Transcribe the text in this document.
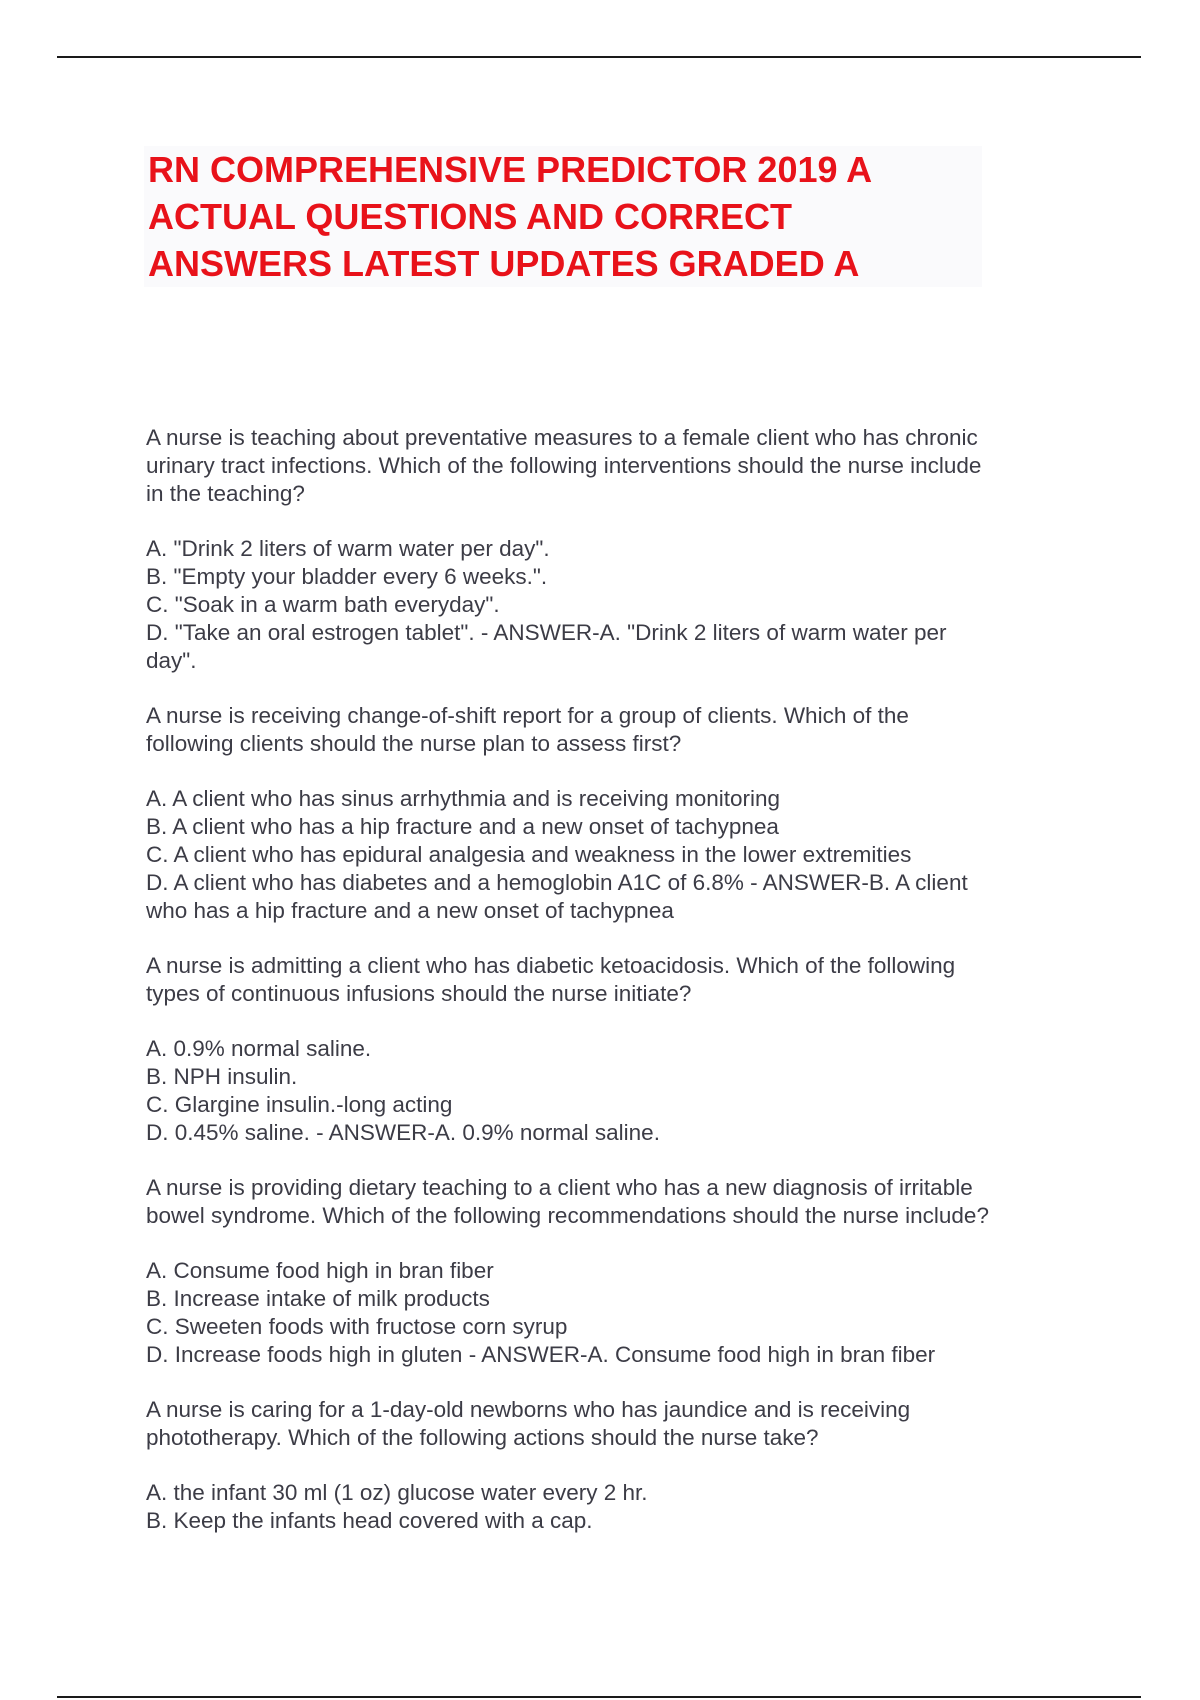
RN COMPREHENSIVE PREDICTOR 2019 A
ACTUAL QUESTIONS AND CORRECT
ANSWERS LATEST UPDATES GRADED A

A nurse is teaching about preventative measures to a female client who has chronic
urinary tract infections. Which of the following interventions should the nurse include
in the teaching?

A. "Drink 2 liters of warm water per day".
B. "Empty your bladder every 6 weeks.".
C. "Soak in a warm bath everyday".
D. "Take an oral estrogen tablet". - ANSWER-A. "Drink 2 liters of warm water per
day".

A nurse is receiving change-of-shift report for a group of clients. Which of the
following clients should the nurse plan to assess first?

A. A client who has sinus arrhythmia and is receiving monitoring
B. A client who has a hip fracture and a new onset of tachypnea
C. A client who has epidural analgesia and weakness in the lower extremities
D. A client who has diabetes and a hemoglobin A1C of 6.8% - ANSWER-B. A client
who has a hip fracture and a new onset of tachypnea

A nurse is admitting a client who has diabetic ketoacidosis. Which of the following
types of continuous infusions should the nurse initiate?

A. 0.9% normal saline.
B. NPH insulin.
C. Glargine insulin.-long acting
D. 0.45% saline. - ANSWER-A. 0.9% normal saline.

A nurse is providing dietary teaching to a client who has a new diagnosis of irritable
bowel syndrome. Which of the following recommendations should the nurse include?

A. Consume food high in bran fiber
B. Increase intake of milk products
C. Sweeten foods with fructose corn syrup
D. Increase foods high in gluten - ANSWER-A. Consume food high in bran fiber

A nurse is caring for a 1-day-old newborns who has jaundice and is receiving
phototherapy. Which of the following actions should the nurse take?

A. the infant 30 ml (1 oz) glucose water every 2 hr.
B. Keep the infants head covered with a cap.
